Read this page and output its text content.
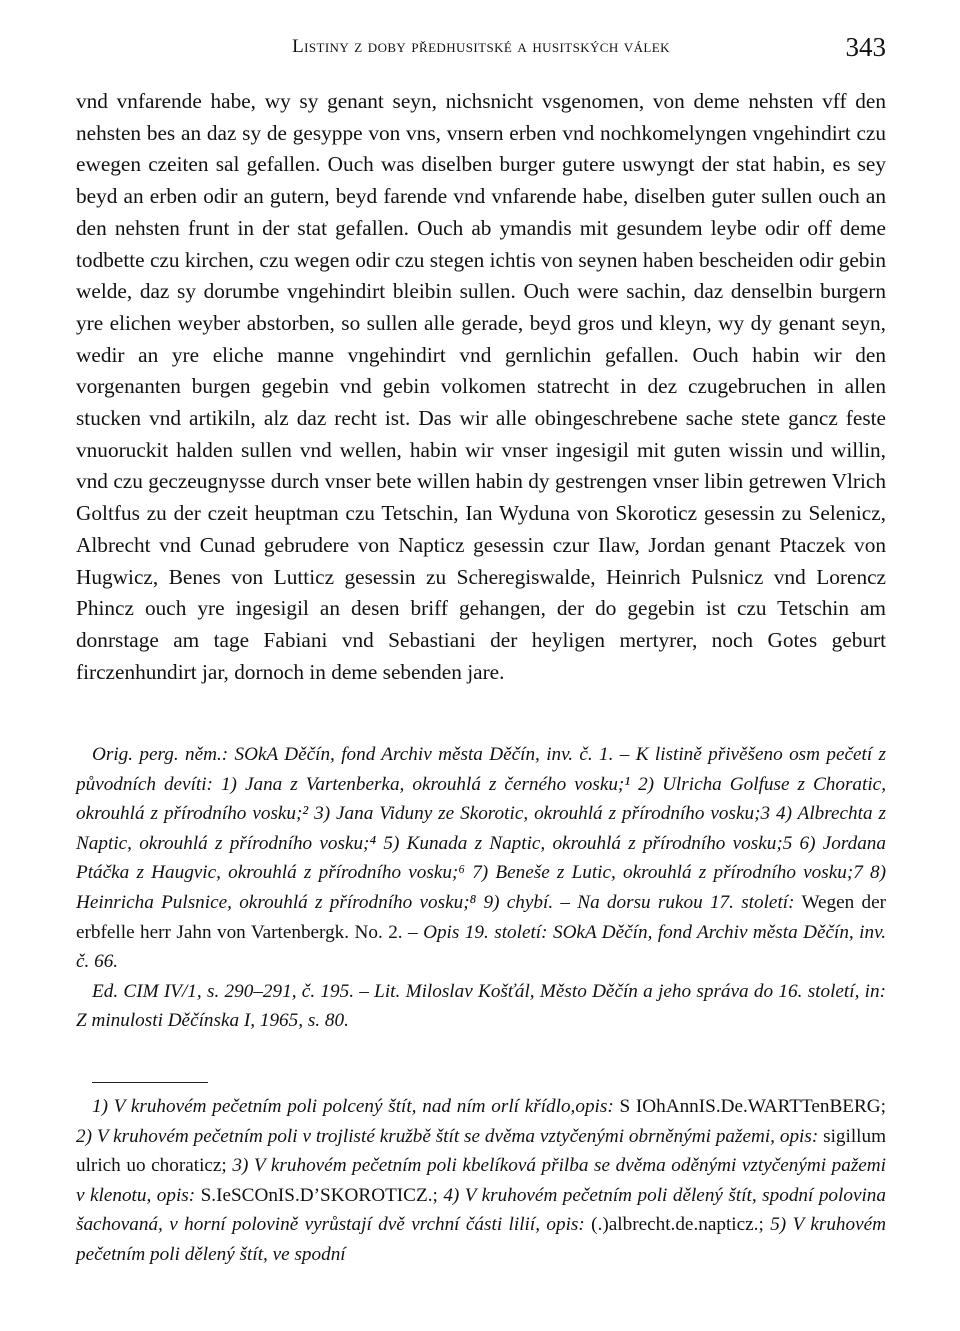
Listiny z doby předhusitské a husitských válek	343

vnd vnfarende habe, wy sy genant seyn, nichsnicht vsgenomen, von deme nehsten vff den nehsten bes an daz sy de gesyppe von vns, vnsern erben vnd nochkomelyngen vngehindirt czu ewegen czeiten sal gefallen. Ouch was diselben burger gutere uswyngt der stat habin, es sey beyd an erben odir an gutern, beyd farende vnd vnfarende habe, diselben guter sullen ouch an den nehsten frunt in der stat gefallen. Ouch ab ymandis mit gesundem leybe odir off deme todbette czu kirchen, czu wegen odir czu stegen ichtis von seynen haben bescheiden odir gebin welde, daz sy dorumbe vngehindirt bleibin sullen. Ouch were sachin, daz denselbin burgern yre elichen weyber abstorben, so sullen alle gerade, beyd gros und kleyn, wy dy genant seyn, wedir an yre eliche manne vngehindirt vnd gernlichin gefallen. Ouch habin wir den vorgenanten burgen gegebin vnd gebin volkomen statrecht in dez czugebruchen in allen stucken vnd artikiln, alz daz recht ist. Das wir alle obingeschrebene sache stete gancz feste vnuoruckit halden sullen vnd wellen, habin wir vnser ingesigil mit guten wissin und willin, vnd czu geczeugnysse durch vnser bete willen habin dy gestrengen vnser libin getrewen Vlrich Goltfus zu der czeit heuptman czu Tetschin, Ian Wyduna von Skoroticz gesessin zu Selenicz, Albrecht vnd Cunad gebrudere von Napticz gesessin czur Ilaw, Jordan genant Ptaczek von Hugwicz, Benes von Lutticz gesessin zu Scheregiswalde, Heinrich Pulsnicz vnd Lorencz Phincz ouch yre ingesigil an desen briff gehangen, der do gegebin ist czu Tetschin am donrstage am tage Fabiani vnd Sebastiani der heyligen mertyrer, noch Gotes geburt firczenhundirt jar, dornoch in deme sebenden jare.

Orig. perg. něm.: SOkA Děčín, fond Archiv města Děčín, inv. č. 1. – K listině přivěšeno osm pečetí z původních devíti: 1) Jana z Vartenberka, okrouhlá z černého vosku;¹ 2) Ulricha Golfuse z Choratic, okrouhlá z přírodního vosku;² 3) Jana Viduny ze Skorotic, okrouhlá z přírodního vosku;3 4) Albrechta z Naptic, okrouhlá z přírodního vosku;⁴ 5) Kunada z Naptic, okrouhlá z přírodního vosku;5 6) Jordana Ptáčka z Haugvic, okrouhlá z přírodního vosku;⁶ 7) Beneše z Lutic, okrouhlá z přírodního vosku;7 8) Heinricha Pulsnice, okrouhlá z přírodního vosku;⁸ 9) chybí. – Na dorsu rukou 17. století: Wegen der erbfelle herr Jahn von Vartenbergk. No. 2. – Opis 19. století: SOkA Děčín, fond Archiv města Děčín, inv. č. 66.

Ed. CIM IV/1, s. 290–291, č. 195. – Lit. Miloslav Košťál, Město Děčín a jeho správa do 16. století, in: Z minulosti Děčínska I, 1965, s. 80.

1) V kruhovém pečetním poli polcený štít, nad ním orlí křídlo,opis: S IOhAnnIS.De.WARTTenBERG; 2) V kruhovém pečetním poli v trojlisté kružbě štít se dvěma vztyčenými obrněnými pažemi, opis: sigillum ulrich uo choraticz; 3) V kruhovém pečetním poli kbelíková přilba se dvěma oděnými vztyčenými pažemi v klenotu, opis: S.IeSCOnIS.D’SKOROTICZ.; 4) V kruhovém pečetním poli dělený štít, spodní polovina šachovaná, v horní polovině vyrůstají dvě vrchní části lilií, opis: (.)albrecht.de.napticz.; 5) V kruhovém pečetním poli dělený štít, ve spodní
